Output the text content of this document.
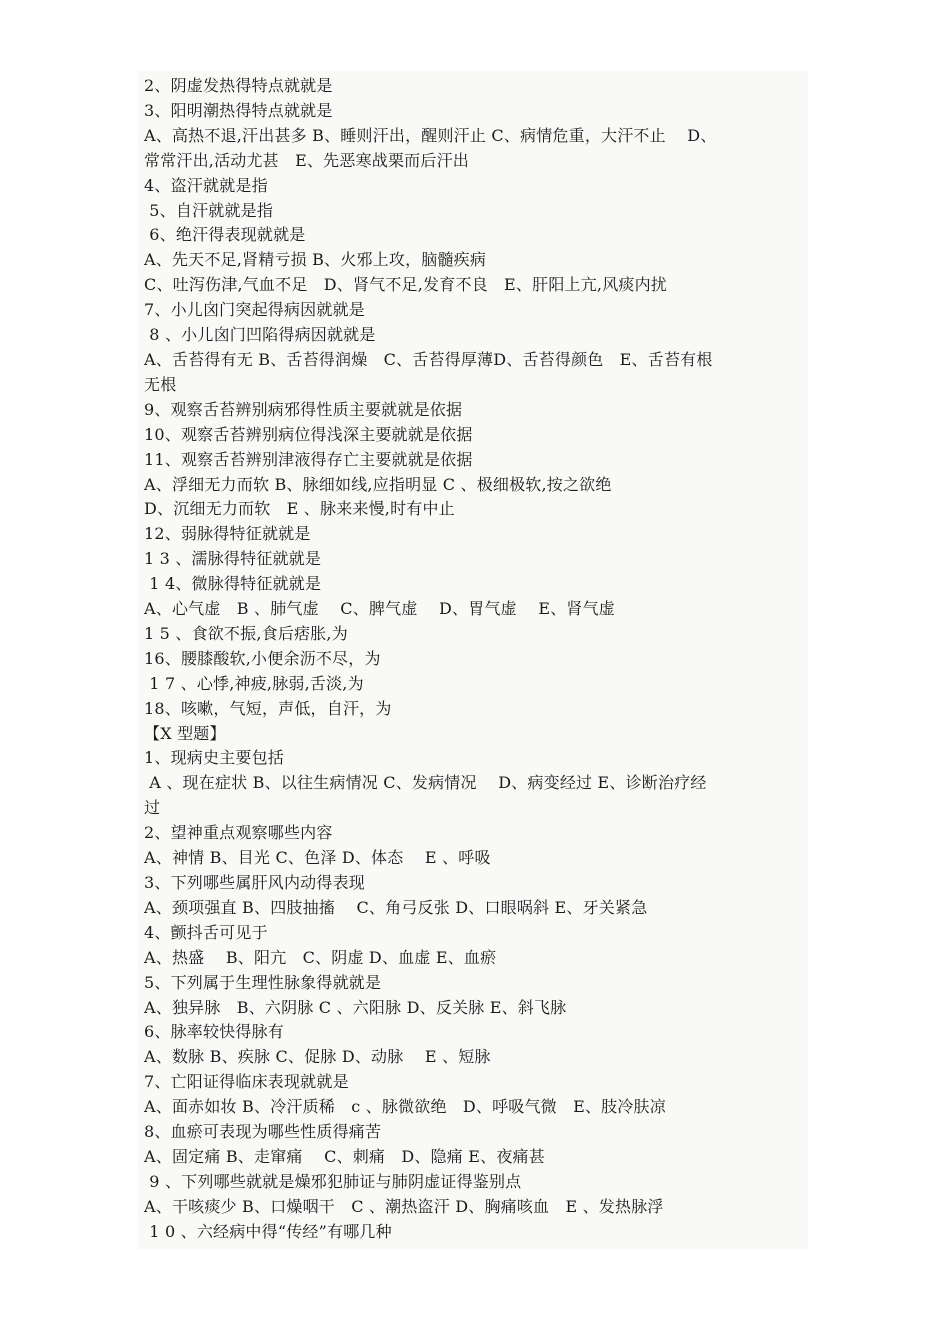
2、阴虚发热得特点就就是
3、阳明潮热得特点就就是
A、高热不退,汗出甚多 B、睡则汗出，醒则汗止 C、病情危重，大汗不止　 D、
常常汗出,活动尤甚　E、先恶寒战栗而后汗出
4、盗汗就就是指
5、自汗就就是指
6、绝汗得表现就就是
A、先天不足,肾精亏损 B、火邪上攻，脑髓疾病
C、吐泻伤津,气血不足　D、肾气不足,发育不良　E、肝阳上亢,风痰内扰
7、小儿囟门突起得病因就就是
8 、小儿囟门凹陷得病因就就是
A、舌苔得有无 B、舌苔得润燥　C、舌苔得厚薄D、舌苔得颜色　E、舌苔有根
无根
9、观察舌苔辨别病邪得性质主要就就是依据
10、观察舌苔辨别病位得浅深主要就就是依据
11、观察舌苔辨别津液得存亡主要就就是依据
A、浮细无力而软 B、脉细如线,应指明显 C 、极细极软,按之欲绝
D、沉细无力而软　E 、脉来来慢,时有中止
12、弱脉得特征就就是
1 3 、濡脉得特征就就是
1 4、微脉得特征就就是
A、心气虚　B 、肺气虚　 C、脾气虚　 D、胃气虚　 E、肾气虚
1 5 、食欲不振,食后痞胀,为
16、腰膝酸软,小便余沥不尽，为
1 7 、心悸,神疲,脉弱,舌淡,为
18、咳嗽，气短，声低，自汗，为
【X 型题】
1、现病史主要包括
A 、现在症状 B、以往生病情况 C、发病情况　 D、病变经过 E、诊断治疗经
过
2、望神重点观察哪些内容
A、神情 B、目光 C、色泽 D、体态　 E 、呼吸
3、下列哪些属肝风内动得表现
A、颈项强直 B、四肢抽搐　 C、角弓反张 D、口眼㖞斜 E、牙关紧急
4、颤抖舌可见于
A、热盛　 B、阳亢　C、阴虚 D、血虚 E、血瘀
5、下列属于生理性脉象得就就是
A、独异脉　B、六阴脉 C 、六阳脉 D、反关脉 E、斜飞脉
6、脉率较快得脉有
A、数脉 B、疾脉 C、促脉 D、动脉　 E 、短脉
7、亡阳证得临床表现就就是
A、面赤如妆 B、冷汗质稀　c 、脉微欲绝　D、呼吸气微　E、肢冷肤凉
8、血瘀可表现为哪些性质得痛苦
A、固定痛 B、走窜痛　 C、刺痛　D、隐痛 E、夜痛甚
9 、下列哪些就就是燥邪犯肺证与肺阴虚证得鉴别点
A、干咳痰少 B、口燥咽干　C 、潮热盗汗 D、胸痛咳血　E 、发热脉浮
1 0 、六经病中得“传经”有哪几种
